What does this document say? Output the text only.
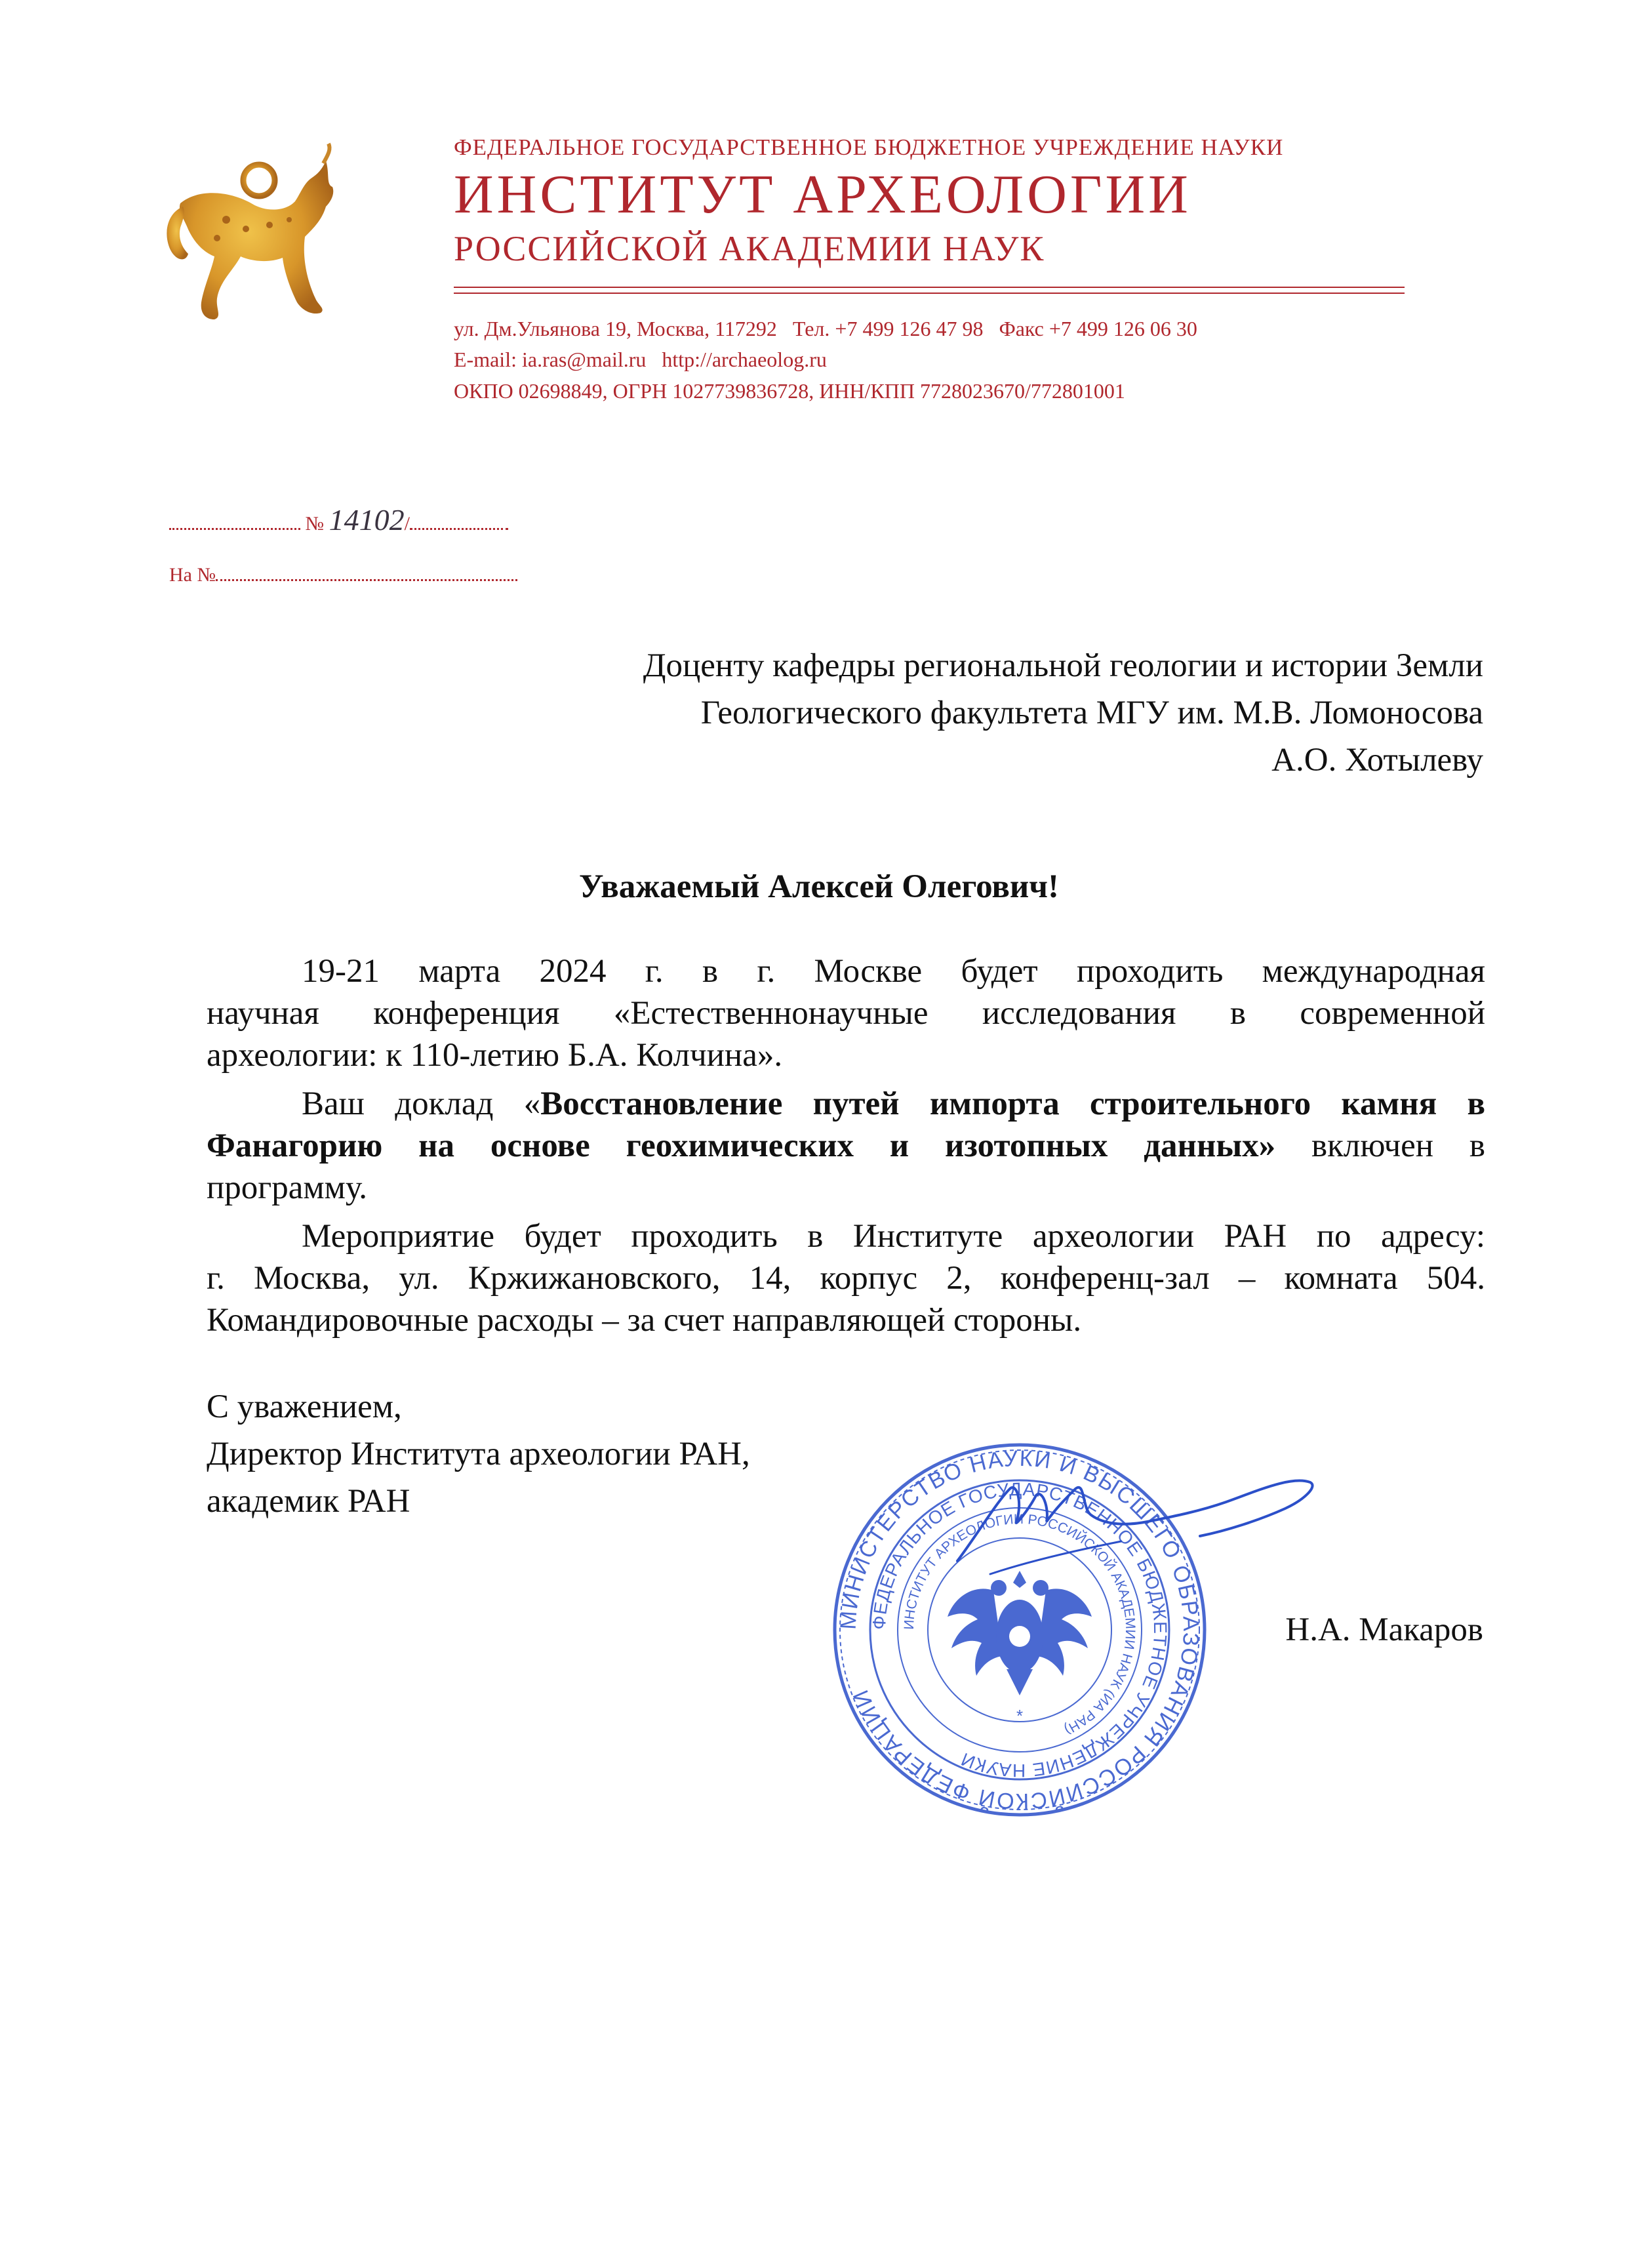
ФЕДЕРАЛЬНОЕ ГОСУДАРСТВЕННОЕ БЮДЖЕТНОЕ УЧРЕЖДЕНИЕ НАУКИ
ИНСТИТУТ АРХЕОЛОГИИ
РОССИЙСКОЙ АКАДЕМИИ НАУК
ул. Дм.Ульянова 19, Москва, 117292 Тел. +7 499 126 47 98 Факс +7 499 126 06 30
E-mail: ia.ras@mail.ru http://archaeolog.ru
ОКПО 02698849, ОГРН 1027739836728, ИНН/КПП 7728023670/772801001
№ 14102/
На №
Доценту кафедры региональной геологии и истории Земли
Геологического факультета МГУ им. М.В. Ломоносова
А.О. Хотылеву
Уважаемый Алексей Олегович!
19-21 марта 2024 г. в г. Москве будет проходить международная
научная конференция «Естественнонаучные исследования в современной
археологии: к 110-летию Б.А. Колчина».
Ваш доклад «Восстановление путей импорта строительного камня в
Фанагорию на основе геохимических и изотопных данных» включен в
программу.
Мероприятие будет проходить в Институте археологии РАН по адресу:
г. Москва, ул. Кржижановского, 14, корпус 2, конференц-зал – комната 504.
Командировочные расходы – за счет направляющей стороны.
С уважением,
Директор Института археологии РАН,
академик РАН
МИНИСТЕРСТВО НАУКИ И ВЫСШЕГО ОБРАЗОВАНИЯ РОССИЙСКОЙ ФЕДЕРАЦИИ
ФЕДЕРАЛЬНОЕ ГОСУДАРСТВЕННОЕ БЮДЖЕТНОЕ УЧРЕЖДЕНИЕ НАУКИ
ИНСТИТУТ АРХЕОЛОГИИ РОССИЙСКОЙ АКАДЕМИИ НАУК (ИА РАН)
*
Н.А. Макаров
